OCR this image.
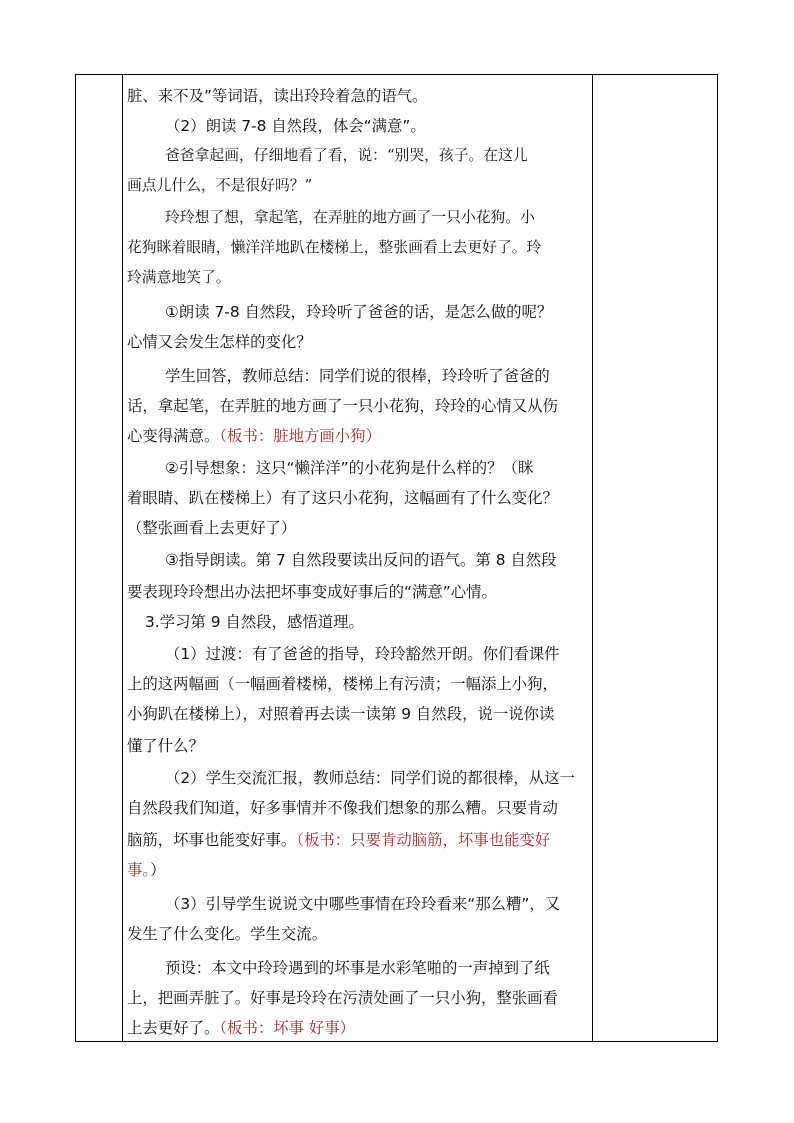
脏、来不及”等词语，读出玲玲着急的语气。
（2）朗读 7-8 自然段，体会“满意”。
爸爸拿起画，仔细地看了看，说：“别哭，孩子。在这儿
画点儿什么，不是很好吗？”
玲玲想了想，拿起笔，在弄脏的地方画了一只小花狗。小
花狗眯着眼睛，懒洋洋地趴在楼梯上，整张画看上去更好了。玲
玲满意地笑了。
①朗读 7-8 自然段，玲玲听了爸爸的话，是怎么做的呢？
心情又会发生怎样的变化？
学生回答，教师总结：同学们说的很棒，玲玲听了爸爸的
话，拿起笔，在弄脏的地方画了一只小花狗，玲玲的心情又从伤
心变得满意。（板书：脏地方画小狗）
②引导想象：这只“懒洋洋”的小花狗是什么样的？（眯
着眼睛、趴在楼梯上）有了这只小花狗，这幅画有了什么变化？
（整张画看上去更好了）
③指导朗读。第 7 自然段要读出反问的语气。第 8 自然段
要表现玲玲想出办法把坏事变成好事后的“满意”心情。
3.学习第 9 自然段，感悟道理。
（1）过渡：有了爸爸的指导，玲玲豁然开朗。你们看课件
上的这两幅画（一幅画着楼梯，楼梯上有污渍；一幅添上小狗，
小狗趴在楼梯上），对照着再去读一读第 9 自然段，说一说你读
懂了什么？
（2）学生交流汇报，教师总结：同学们说的都很棒，从这一
自然段我们知道，好多事情并不像我们想象的那么糟。只要肯动
脑筋，坏事也能变好事。（板书：只要肯动脑筋，坏事也能变好
事。）
（3）引导学生说说文中哪些事情在玲玲看来“那么糟”，又
发生了什么变化。学生交流。
预设：本文中玲玲遇到的坏事是水彩笔啪的一声掉到了纸
上，把画弄脏了。好事是玲玲在污渍处画了一只小狗，整张画看
上去更好了。（板书：坏事 好事）
